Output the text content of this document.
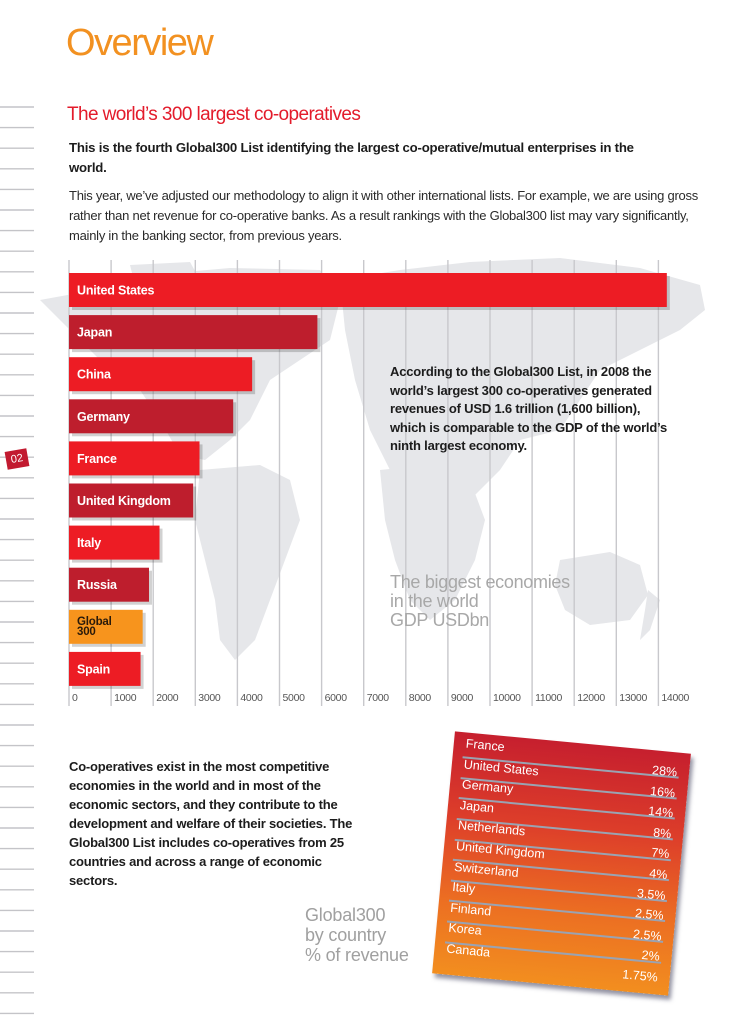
Overview
The world’s 300 largest co-operatives

This is the fourth Global300 List identifying the largest co-operative/mutual enterprises in the world.

This year, we’ve adjusted our methodology to align it with other international lists. For example, we are using gross rather than net revenue for co-operative banks. As a result rankings with the Global300 list may vary significantly, mainly in the banking sector, from previous years.

0	1000 2000 3000 4000 5000 6000 7000 8000 9000 10000 11000 12000 13000 14000
United States
Japan
China
Germany
France
United Kingdom
Italy
Russia
Global
300
Spain
According to the Global300 List, in 2008 the world’s largest 300 co-operatives generated revenues of USD 1.6 trillion (1,600 billion), which is comparable to the GDP of the world’s ninth largest economy.
The biggest economies
in the world
GDP USDbn
02

Co-operatives exist in the most competitive economies in the world and in most of the economic sectors, and they contribute to the development and welfare of their societies. The Global300 List includes co-operatives from 25 countries and across a range of economic sectors.

Global300
by country
% of revenue
France
28%
United States
16%
Germany
14%
Japan
8%
Netherlands
7%
United Kingdom
4%
Switzerland
3.5%
Italy
2.5%
Finland
2.5%
Korea
2%
Canada
1.75%
